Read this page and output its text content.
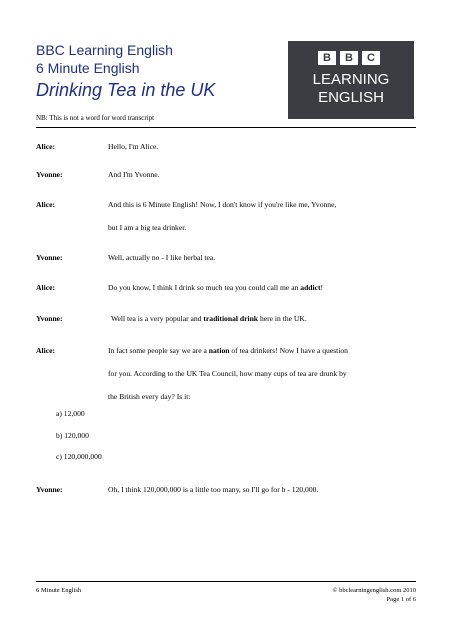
BBC Learning English
6 Minute English
Drinking Tea in the UK
NB: This is not a word for word transcript
B	B	C
LEARNING
ENGLISH
Alice:	Hello, I'm Alice.
Yvonne:	And I'm Yvonne.
Alice:	And this is 6 Minute English! Now, I don't know if you're like me, Yvonne,
but I am a big tea drinker.
Yvonne:	Well, actually no - I like herbal tea.
Alice:	Do you know, I think I drink so much tea you could call me an addict!
Yvonne:	Well tea is a very popular and traditional drink here in the UK.
Alice:	In fact some people say we are a nation of tea drinkers! Now I have a question
for you. According to the UK Tea Council, how many cups of tea are drunk by
the British every day? Is it:
a) 12,000
b) 120,000
c) 120,000,000
Yvonne:	Oh, I think 120,000,000 is a little too many, so I'll go for b - 120,000.
6 Minute English	© bbclearningenglish.com 2010
Page 1 of 6
